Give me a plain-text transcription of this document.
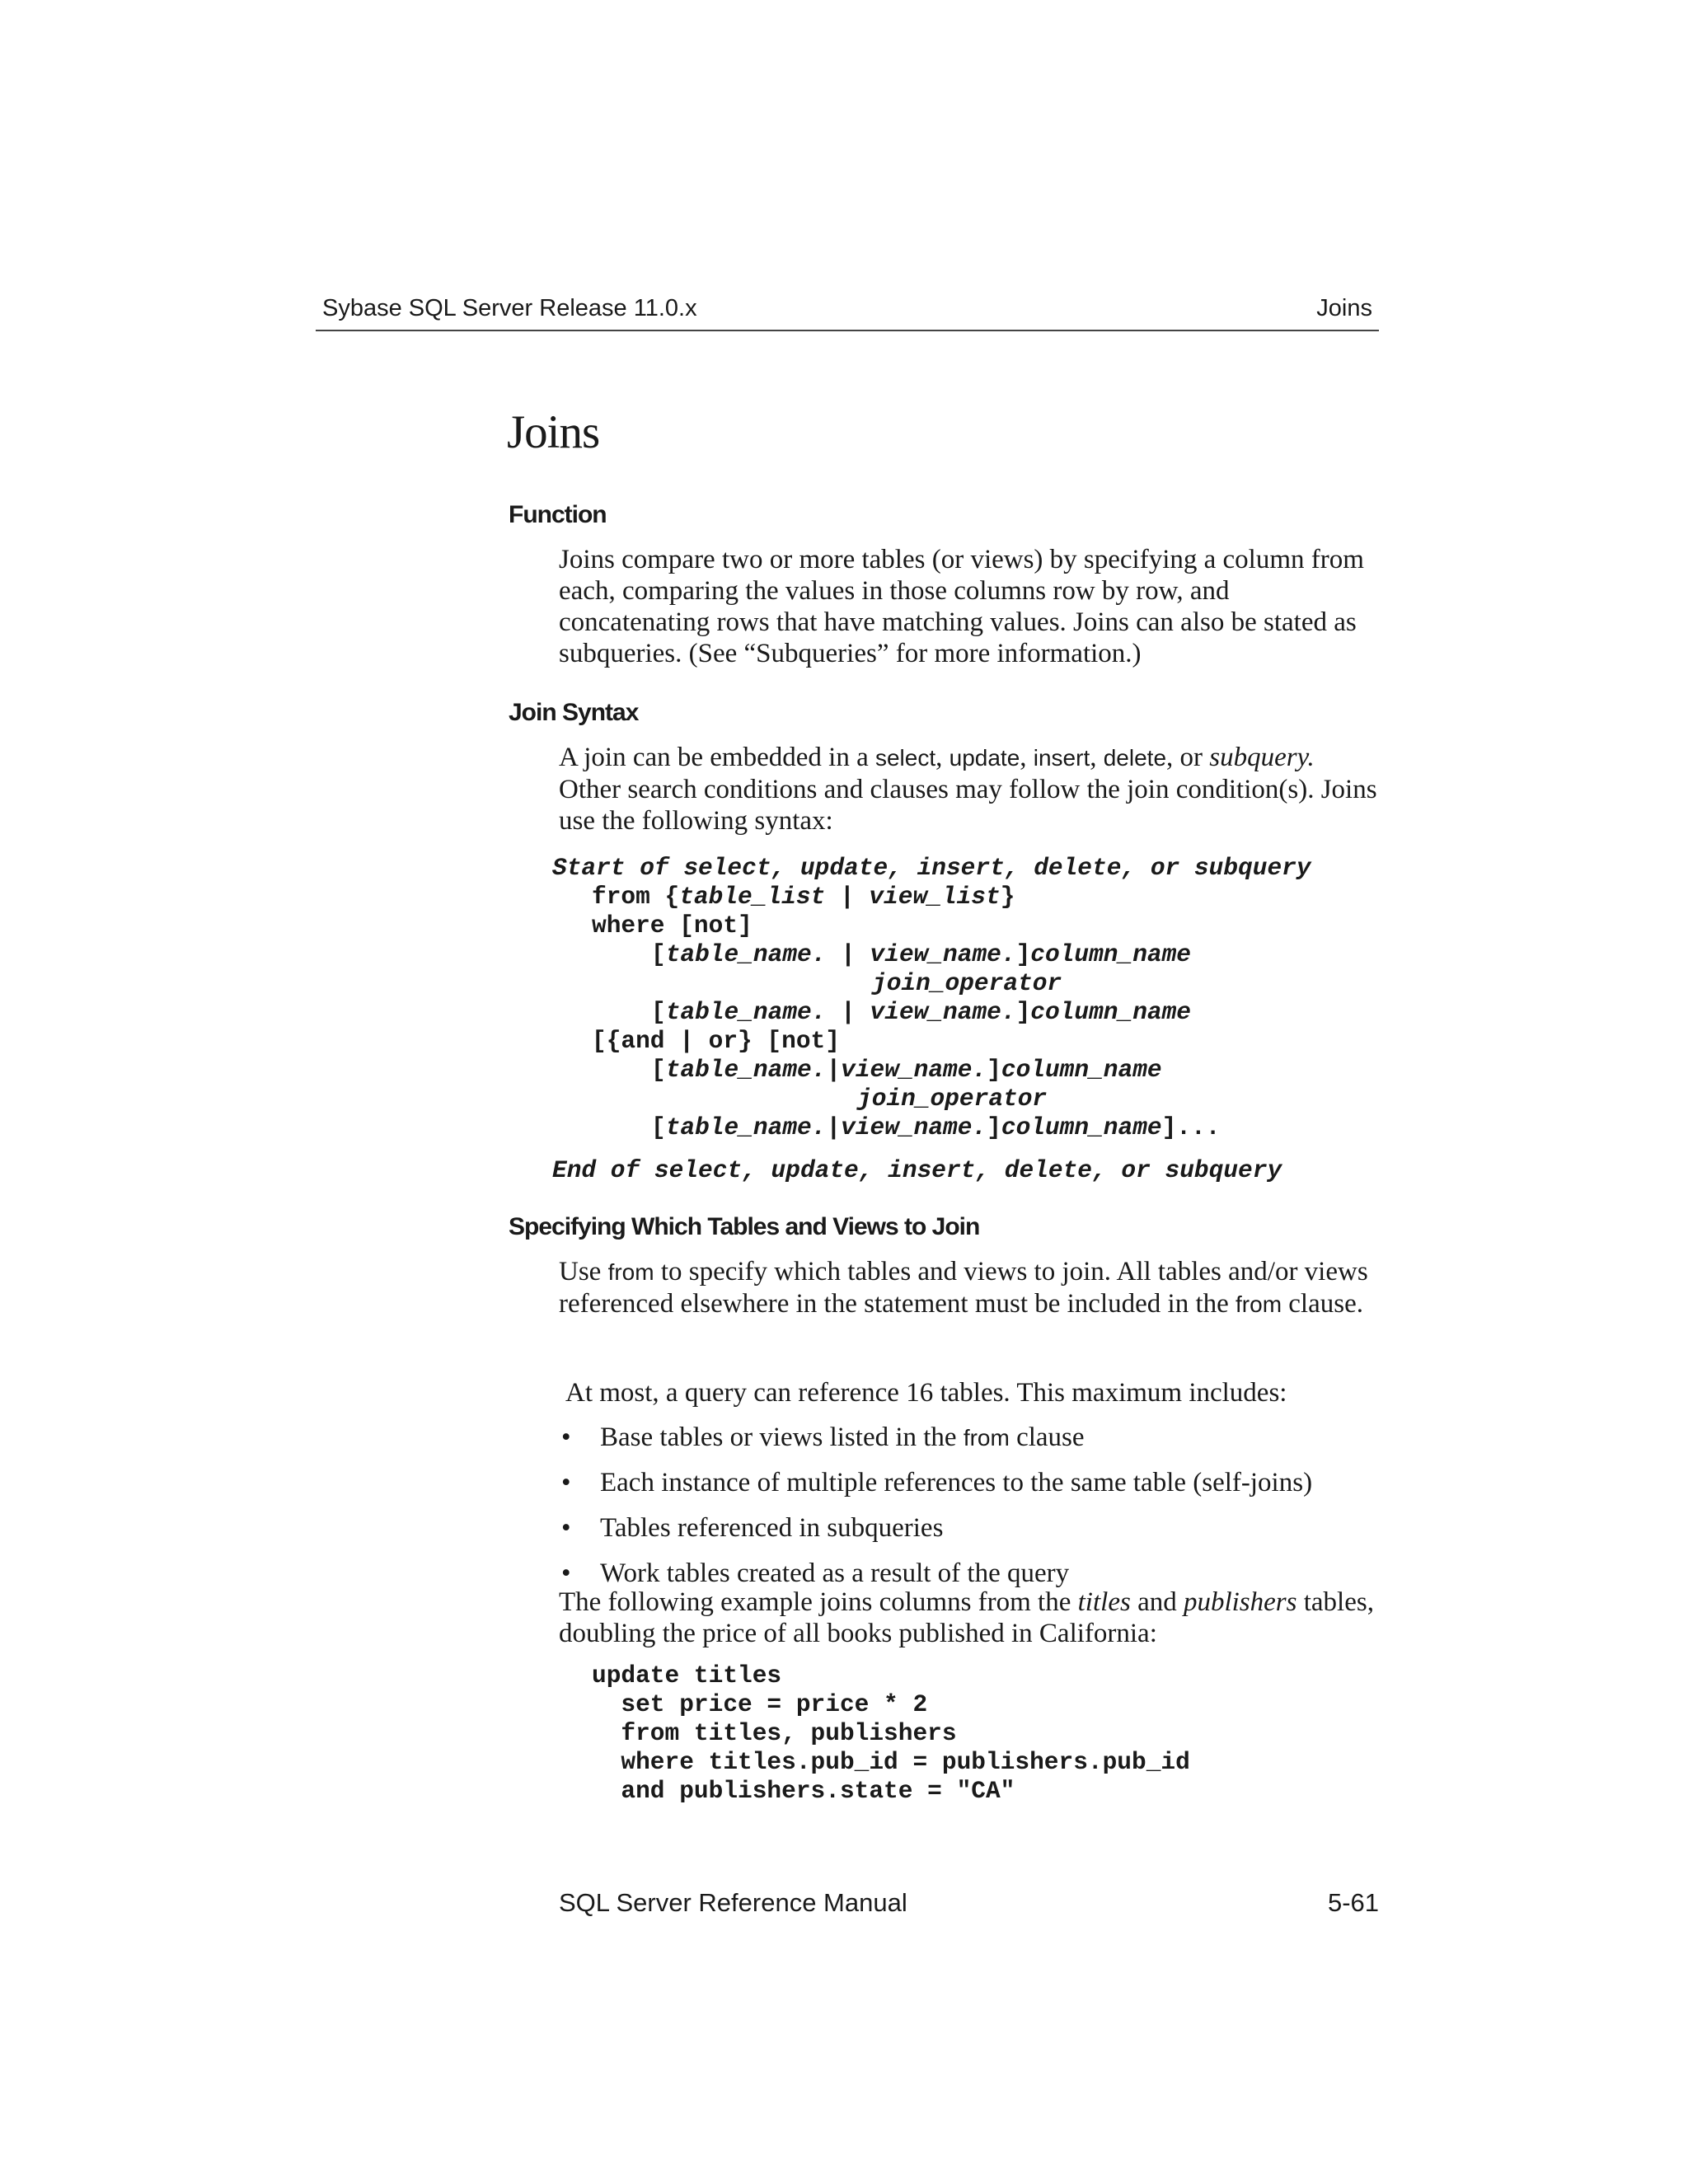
Sybase SQL Server Release 11.0.x	Joins
Joins
Function

Joins compare two or more tables (or views) by specifying a column from each, comparing the values in those columns row by row, and concatenating rows that have matching values. Joins can also be stated as subqueries. (See “Subqueries” for more information.)

Join Syntax

A join can be embedded in a select, update, insert, delete, or subquery. Other search conditions and clauses may follow the join condition(s). Joins use the following syntax:

Start of select, update, insert, delete, or subquery
from {table_list | view_list}
where [not]
[table_name. | view_name.]column_name
join_operator
[table_name. | view_name.]column_name
[{and | or} [not]
[table_name.|view_name.]column_name
join_operator
[table_name.|view_name.]column_name]...
End of select, update, insert, delete, or subquery
Specifying Which Tables and Views to Join

Use from to specify which tables and views to join. All tables and/or views referenced elsewhere in the statement must be included in the from clause.

At most, a query can reference 16 tables. This maximum includes:

• Base tables or views listed in the from clause
• Each instance of multiple references to the same table (self-joins)
• Tables referenced in subqueries
• Work tables created as a result of the query

The following example joins columns from the titles and publishers tables, doubling the price of all books published in California:

update titles
set price = price * 2
from titles, publishers
where titles.pub_id = publishers.pub_id
and publishers.state = "CA"
SQL Server Reference Manual	5-61
